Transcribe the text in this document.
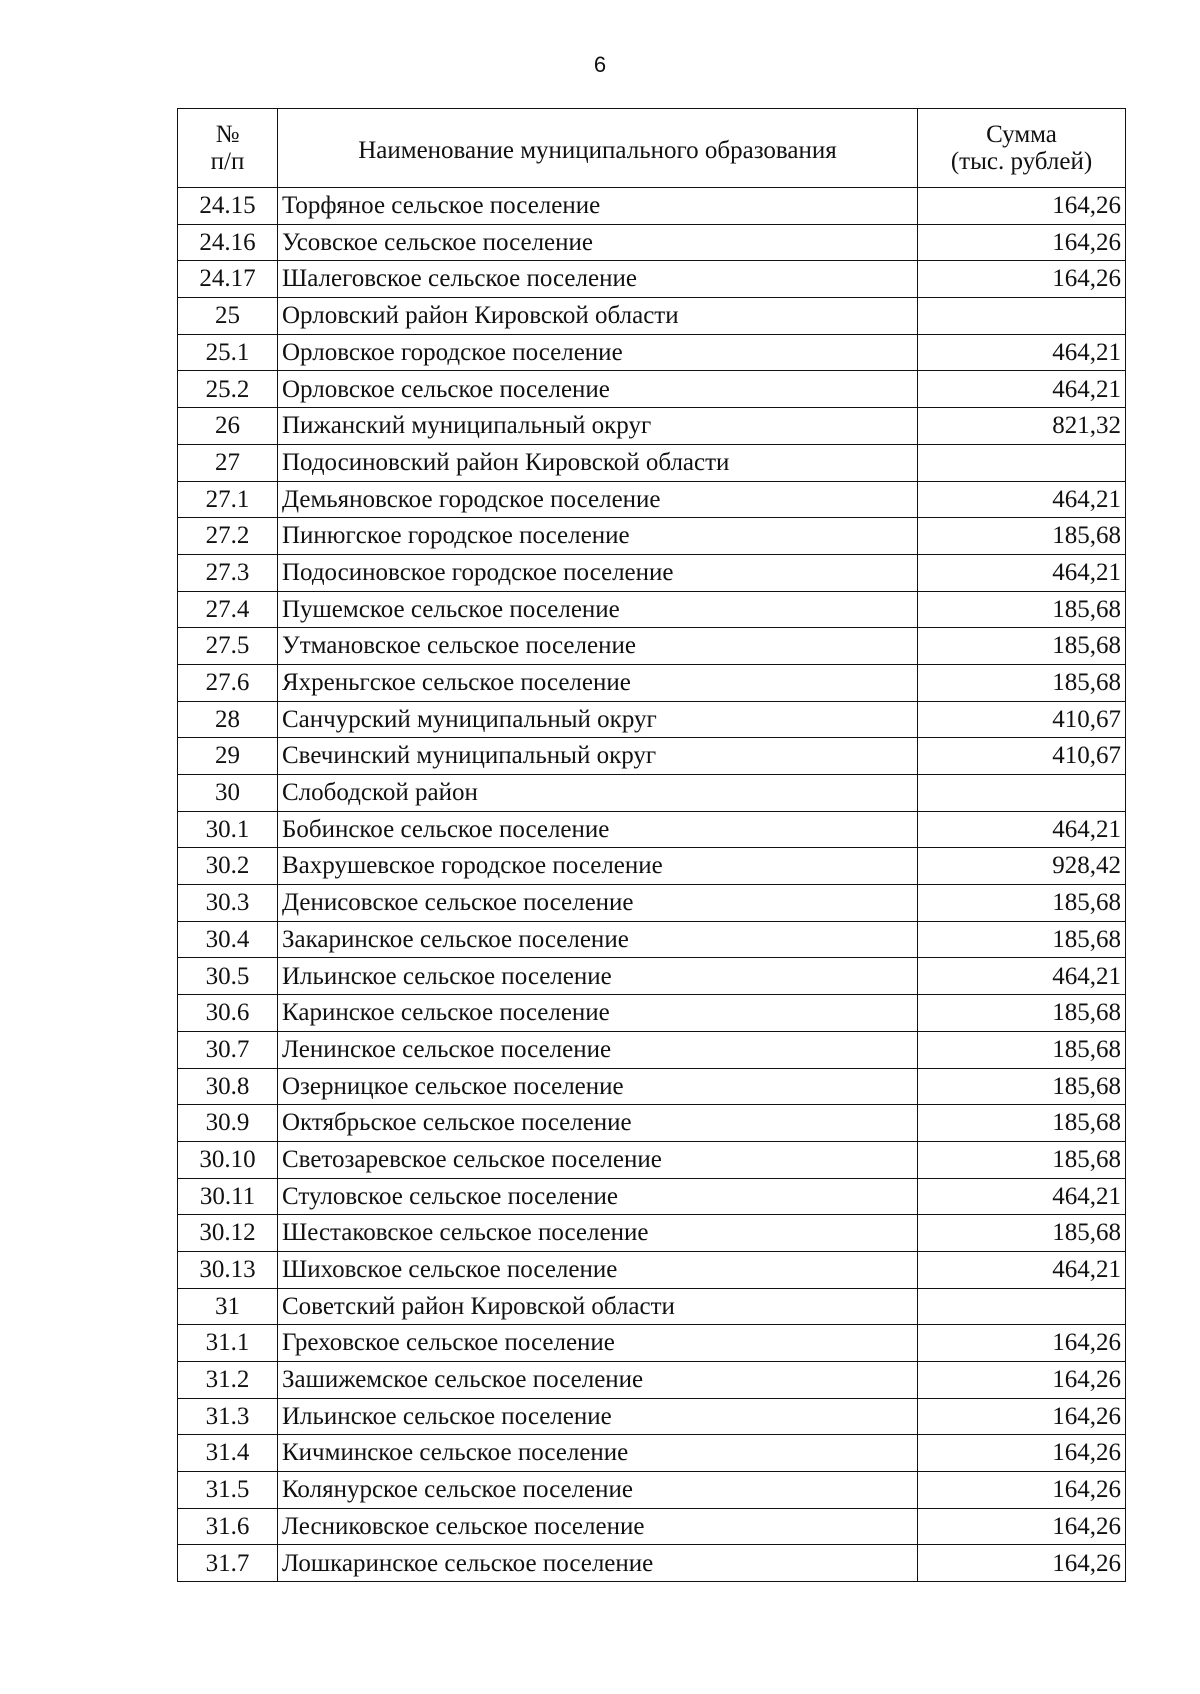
6
№
п/п	Наименование муниципального образования	Сумма
(тыс. рублей)

24.15	Торфяное сельское поселение	164,26
24.16	Усовское сельское поселение	164,26
24.17	Шалеговское сельское поселение	164,26
25	Орловский район Кировской области	
25.1	Орловское городское поселение	464,21
25.2	Орловское сельское поселение	464,21
26	Пижанский муниципальный округ	821,32
27	Подосиновский район Кировской области	
27.1	Демьяновское городское поселение	464,21
27.2	Пинюгское городское поселение	185,68
27.3	Подосиновское городское поселение	464,21
27.4	Пушемское сельское поселение	185,68
27.5	Утмановское сельское поселение	185,68
27.6	Яхреньгское сельское поселение	185,68
28	Санчурский муниципальный округ	410,67
29	Свечинский муниципальный округ	410,67
30	Слободской район	
30.1	Бобинское сельское поселение	464,21
30.2	Вахрушевское городское поселение	928,42
30.3	Денисовское сельское поселение	185,68
30.4	Закаринское сельское поселение	185,68
30.5	Ильинское сельское поселение	464,21
30.6	Каринское сельское поселение	185,68
30.7	Ленинское сельское поселение	185,68
30.8	Озерницкое сельское поселение	185,68
30.9	Октябрьское сельское поселение	185,68
30.10	Светозаревское сельское поселение	185,68
30.11	Стуловское сельское поселение	464,21
30.12	Шестаковское сельское поселение	185,68
30.13	Шиховское сельское поселение	464,21
31	Советский район Кировской области	
31.1	Греховское сельское поселение	164,26
31.2	Зашижемское сельское поселение	164,26
31.3	Ильинское сельское поселение	164,26
31.4	Кичминское сельское поселение	164,26
31.5	Колянурское сельское поселение	164,26
31.6	Лесниковское сельское поселение	164,26
31.7	Лошкаринское сельское поселение	164,26
